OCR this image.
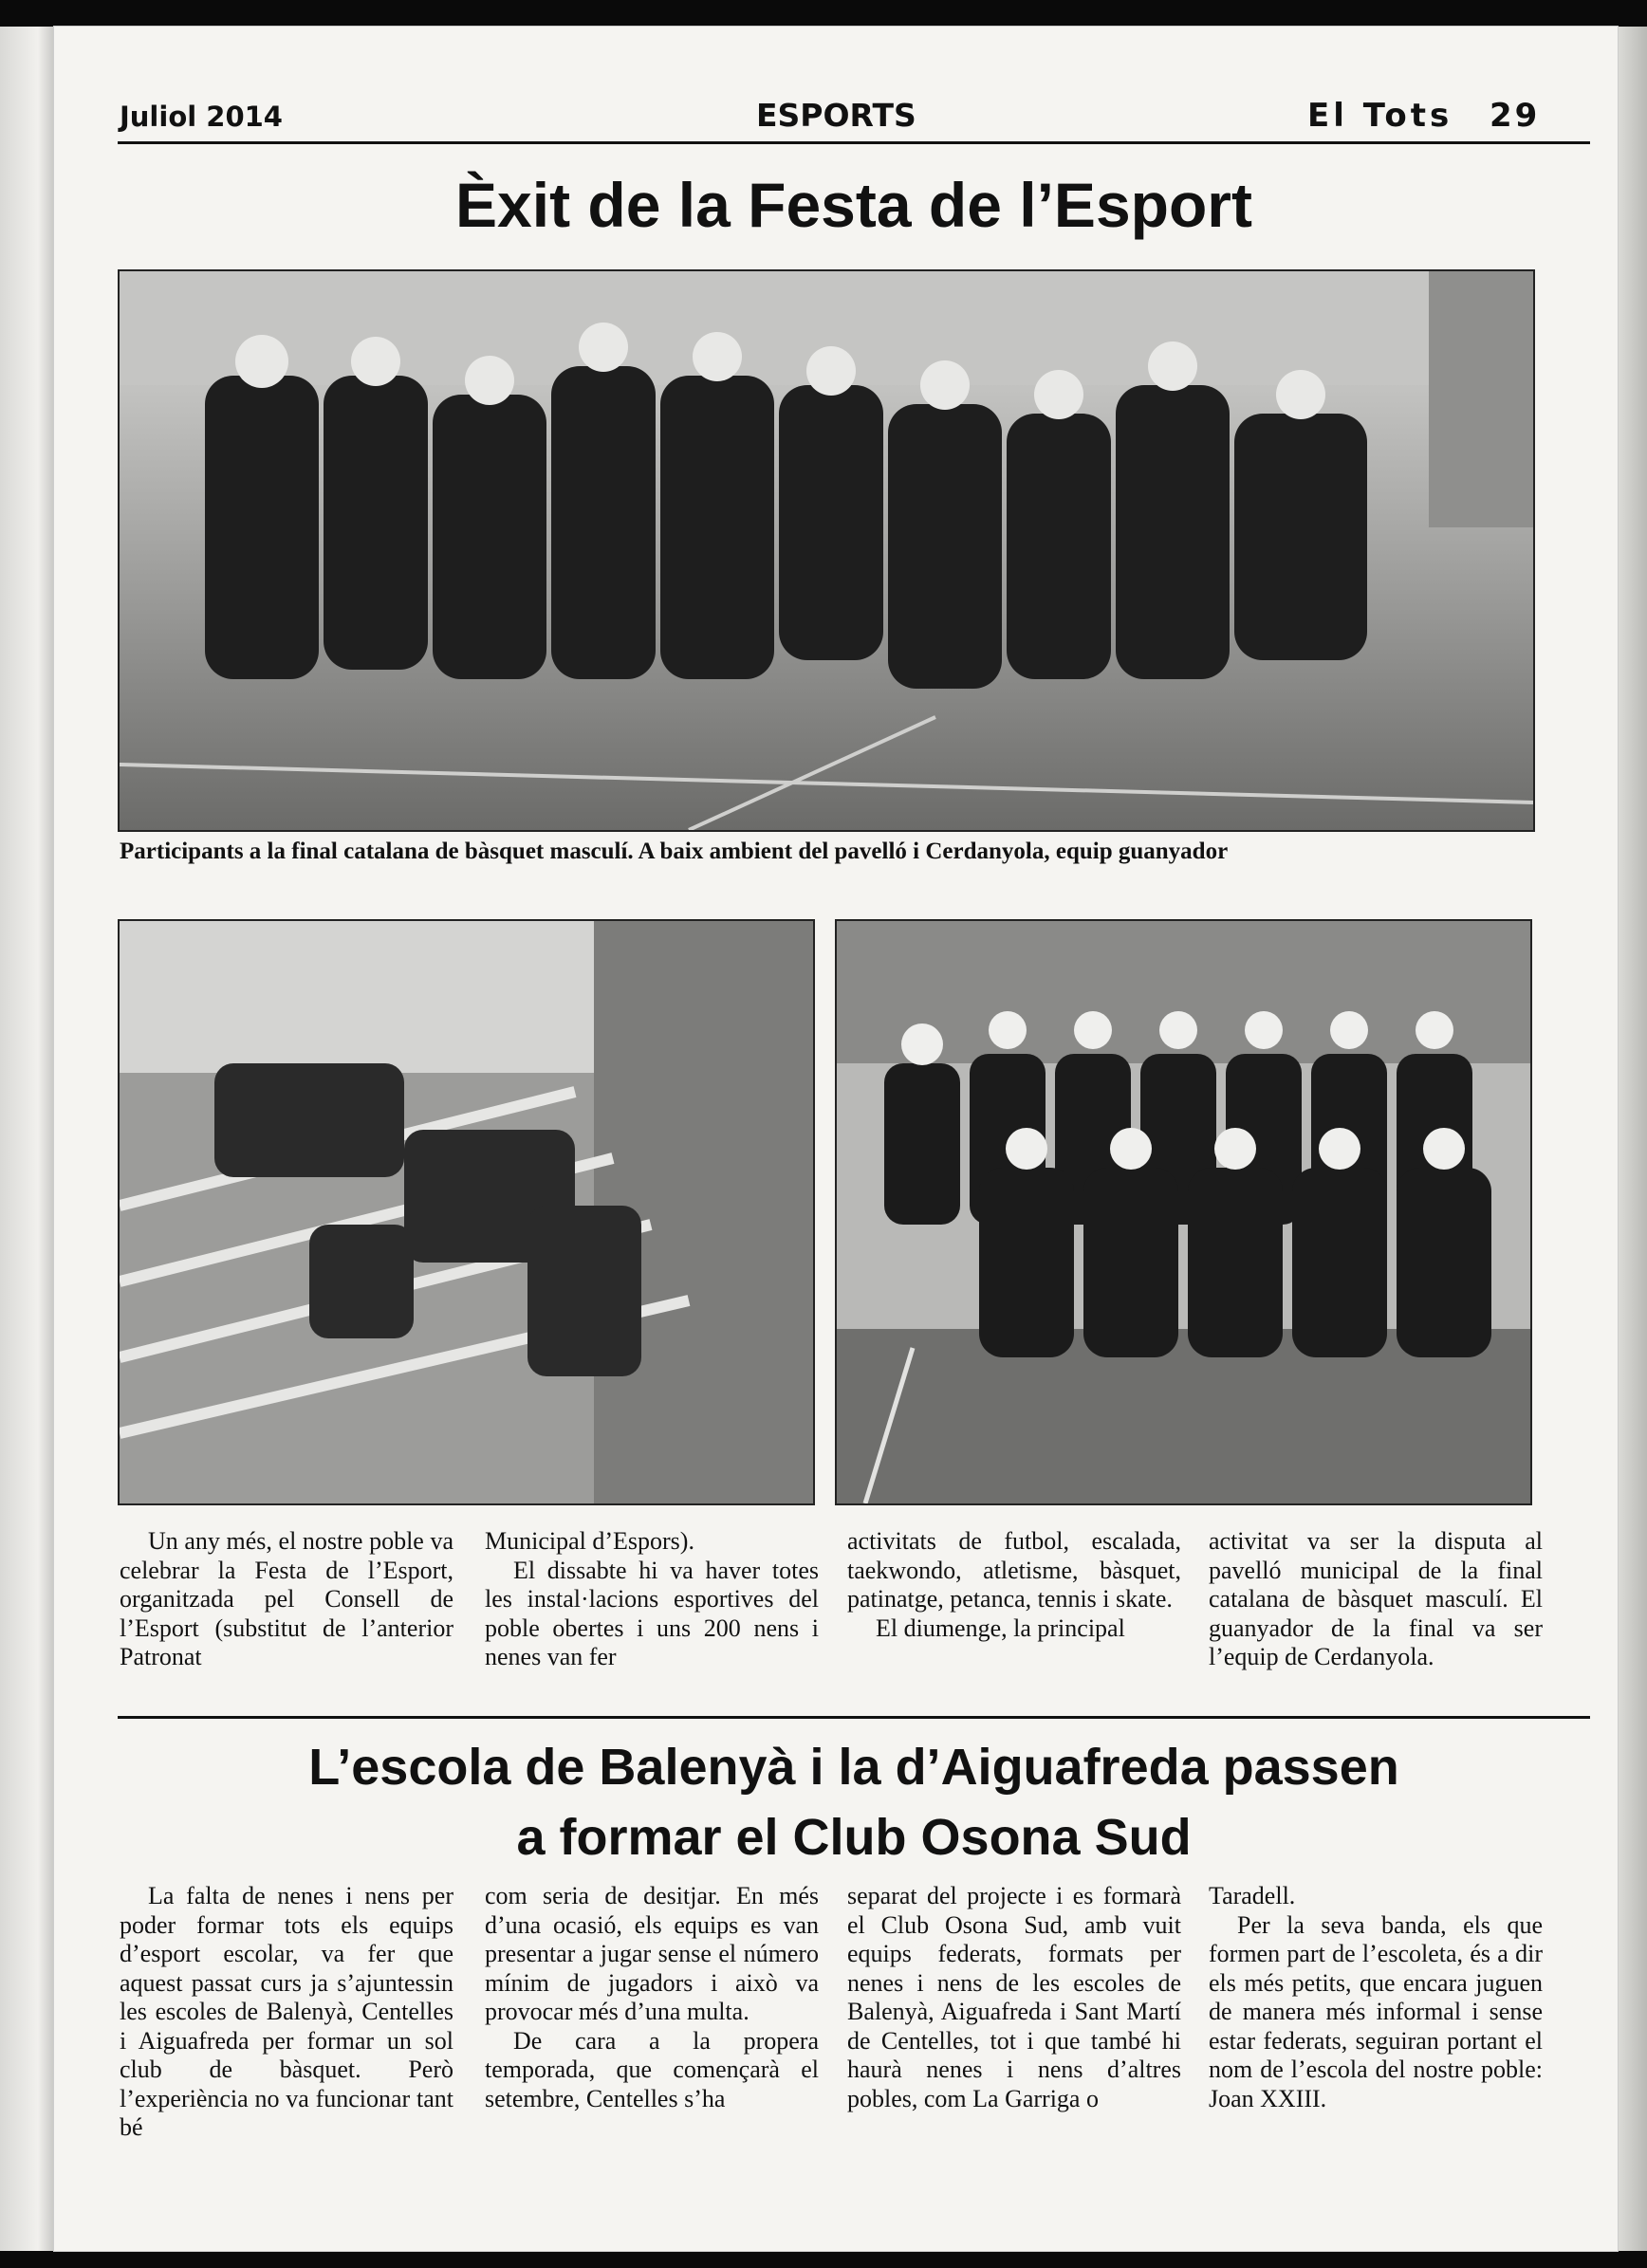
Juliol 2014	ESPORTS	El Tots 29
Èxit de la Festa de l’Esport
Participants a la final catalana de bàsquet masculí. A baix ambient del pavelló i Cerdanyola, equip guanyador

Un any més, el nostre poble va celebrar la Festa de l’Esport, organitzada pel Consell de l’Esport (substitut de l’anterior Patronat

Municipal d’Espors).

El dissabte hi va haver totes les instal·lacions esportives del poble obertes i uns 200 nens i nenes van fer

activitats de futbol, escalada, taekwondo, atletisme, bàsquet, patinatge, petanca, tennis i skate.

El diumenge, la principal

activitat va ser la disputa al pavelló municipal de la final catalana de bàsquet masculí. El guanyador de la final va ser l’equip de Cerdanyola.

L’escola de Balenyà i la d’Aiguafreda passen
a formar el Club Osona Sud

La falta de nenes i nens per poder formar tots els equips d’esport escolar, va fer que aquest passat curs ja s’ajuntessin les escoles de Balenyà, Centelles i Aiguafreda per formar un sol club de bàsquet. Però l’experiència no va funcionar tant bé

com seria de desitjar. En més d’una ocasió, els equips es van presentar a jugar sense el número mínim de jugadors i això va provocar més d’una multa.

De cara a la propera temporada, que començarà el setembre, Centelles s’ha

separat del projecte i es formarà el Club Osona Sud, amb vuit equips federats, formats per nenes i nens de les escoles de Balenyà, Aiguafreda i Sant Martí de Centelles, tot i que també hi haurà nenes i nens d’altres pobles, com La Garriga o

Taradell.

Per la seva banda, els que formen part de l’escoleta, és a dir els més petits, que encara juguen de manera més informal i sense estar federats, seguiran portant el nom de l’escola del nostre poble: Joan XXIII.
